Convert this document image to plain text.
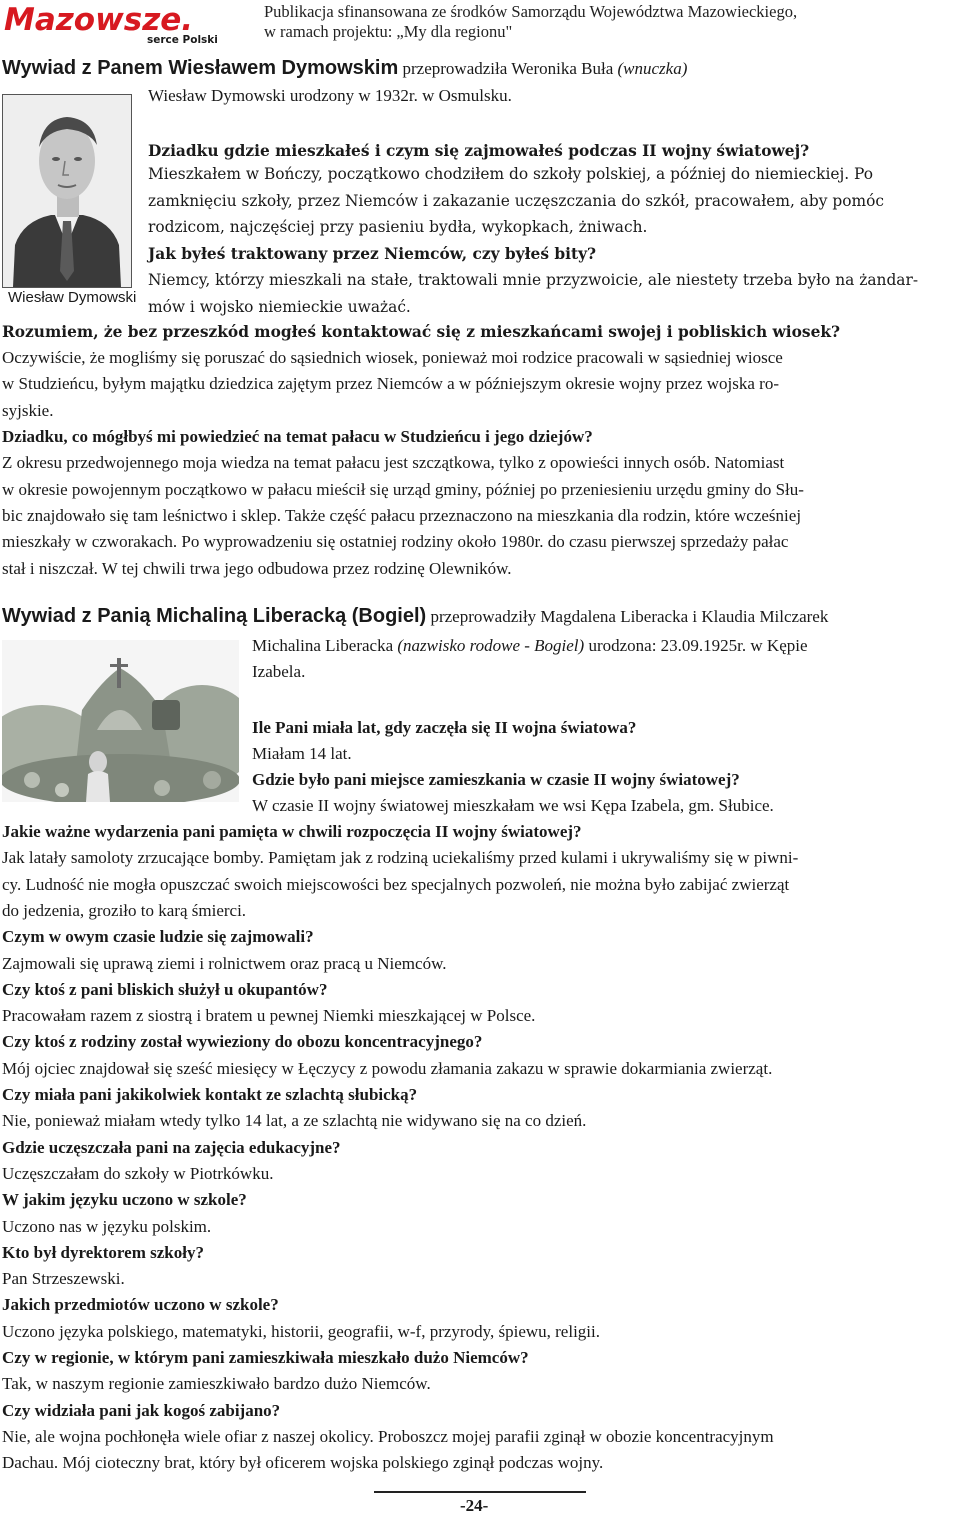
Mazowsze.
serce Polski
Publikacja sfinansowana ze środków Samorządu Województwa Mazowieckiego,
w ramach projektu: „My dla regionu"
Wywiad z Panem Wiesławem Dymowskim przeprowadziła Weronika Buła (wnuczka)
Wiesław Dymowski urodzony w 1932r. w Osmulsku.
Wiesław Dymowski
Dziadku gdzie mieszkałeś i czym się zajmowałeś podczas II wojny światowej?
Mieszkałem w Bończy, początkowo chodziłem do szkoły polskiej, a później do niemieckiej. Po
zamknięciu szkoły, przez Niemców i zakazanie uczęszczania do szkół, pracowałem, aby pomóc
rodzicom, najczęściej przy pasieniu bydła, wykopkach, żniwach.
Jak byłeś traktowany przez Niemców, czy byłeś bity?
Niemcy, którzy mieszkali na stałe, traktowali mnie przyzwoicie, ale niestety trzeba było na żandar-
mów i wojsko niemieckie uważać.
Rozumiem, że bez przeszkód mogłeś kontaktować się z mieszkańcami swojej i pobliskich wiosek?
Oczywiście, że mogliśmy się poruszać do sąsiednich wiosek, ponieważ moi rodzice pracowali w sąsiedniej wiosce
w Studzieńcu, byłym majątku dziedzica zajętym przez Niemców a w późniejszym okresie wojny przez wojska ro-
syjskie.
Dziadku, co mógłbyś mi powiedzieć na temat pałacu w Studzieńcu i jego dziejów?
Z okresu przedwojennego moja wiedza na temat pałacu jest szczątkowa, tylko z opowieści innych osób. Natomiast
w okresie powojennym początkowo w pałacu mieścił się urząd gminy, później po przeniesieniu urzędu gminy do Słu-
bic znajdowało się tam leśnictwo i sklep. Także część pałacu przeznaczono na mieszkania dla rodzin, które wcześniej
mieszkały w czworakach. Po wyprowadzeniu się ostatniej rodziny około 1980r. do czasu pierwszej sprzedaży pałac
stał i niszczał. W tej chwili trwa jego odbudowa przez rodzinę Olewników.
Wywiad z Panią Michaliną Liberacką (Bogiel) przeprowadziły Magdalena Liberacka i Klaudia Milczarek
Michalina Liberacka (nazwisko rodowe - Bogiel) urodzona: 23.09.1925r. w Kępie
Izabela.
Ile Pani miała lat, gdy zaczęła się II wojna światowa?
Miałam 14 lat.
Gdzie było pani miejsce zamieszkania w czasie II wojny światowej?
W czasie II wojny światowej mieszkałam we wsi Kępa Izabela, gm. Słubice.
Jakie ważne wydarzenia pani pamięta w chwili rozpoczęcia II wojny światowej?
Jak latały samoloty zrzucające bomby. Pamiętam jak z rodziną uciekaliśmy przed kulami i ukrywaliśmy się w piwni-
cy. Ludność nie mogła opuszczać swoich miejscowości bez specjalnych pozwoleń, nie można było zabijać zwierząt
do jedzenia, groziło to karą śmierci.
Czym w owym czasie ludzie się zajmowali?
Zajmowali się uprawą ziemi i rolnictwem oraz pracą u Niemców.
Czy ktoś z pani bliskich służył u okupantów?
Pracowałam razem z siostrą i bratem u pewnej Niemki mieszkającej w Polsce.
Czy ktoś z rodziny został wywieziony do obozu koncentracyjnego?
Mój ojciec znajdował się sześć miesięcy w Łęczycy z powodu złamania zakazu w sprawie dokarmiania zwierząt.
Czy miała pani jakikolwiek kontakt ze szlachtą słubicką?
Nie, ponieważ miałam wtedy tylko 14 lat, a ze szlachtą nie widywano się na co dzień.
Gdzie uczęszczała pani na zajęcia edukacyjne?
Uczęszczałam do szkoły w Piotrkówku.
W jakim języku uczono w szkole?
Uczono nas w języku polskim.
Kto był dyrektorem szkoły?
Pan Strzeszewski.
Jakich przedmiotów uczono w szkole?
Uczono języka polskiego, matematyki, historii, geografii, w-f, przyrody, śpiewu, religii.
Czy w regionie, w którym pani zamieszkiwała mieszkało dużo Niemców?
Tak, w naszym regionie zamieszkiwało bardzo dużo Niemców.
Czy widziała pani jak kogoś zabijano?
Nie, ale wojna pochłonęła wiele ofiar z naszej okolicy. Proboszcz mojej parafii zginął w obozie koncentracyjnym
Dachau. Mój cioteczny brat, który był oficerem wojska polskiego zginął podczas wojny.
-24-
